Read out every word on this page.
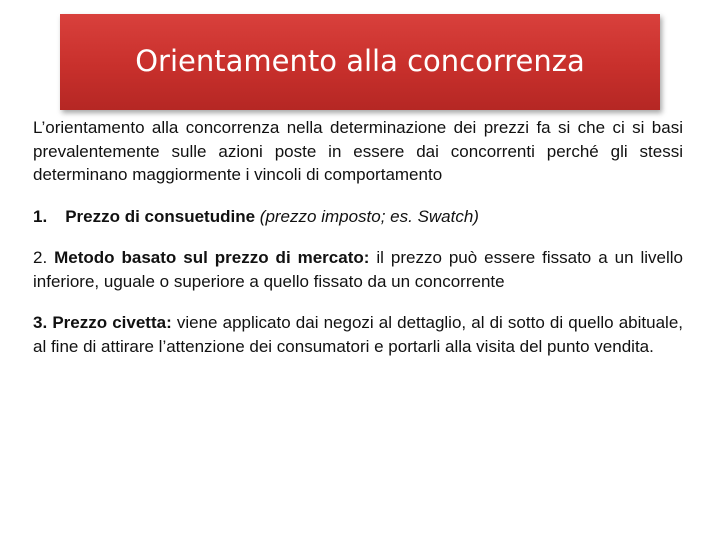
Orientamento alla concorrenza

L’orientamento alla concorrenza nella determinazione dei prezzi fa si che ci si basi prevalentemente sulle azioni poste in essere dai concorrenti perché gli stessi determinano maggiormente i vincoli di comportamento

1. Prezzo di consuetudine (prezzo imposto; es. Swatch)

2. Metodo basato sul prezzo di mercato: il prezzo può essere fissato a un livello inferiore, uguale o superiore a quello fissato da un concorrente

3. Prezzo civetta: viene applicato dai negozi al dettaglio, al di sotto di quello abituale, al fine di attirare l’attenzione dei consumatori e portarli alla visita del punto vendita.
